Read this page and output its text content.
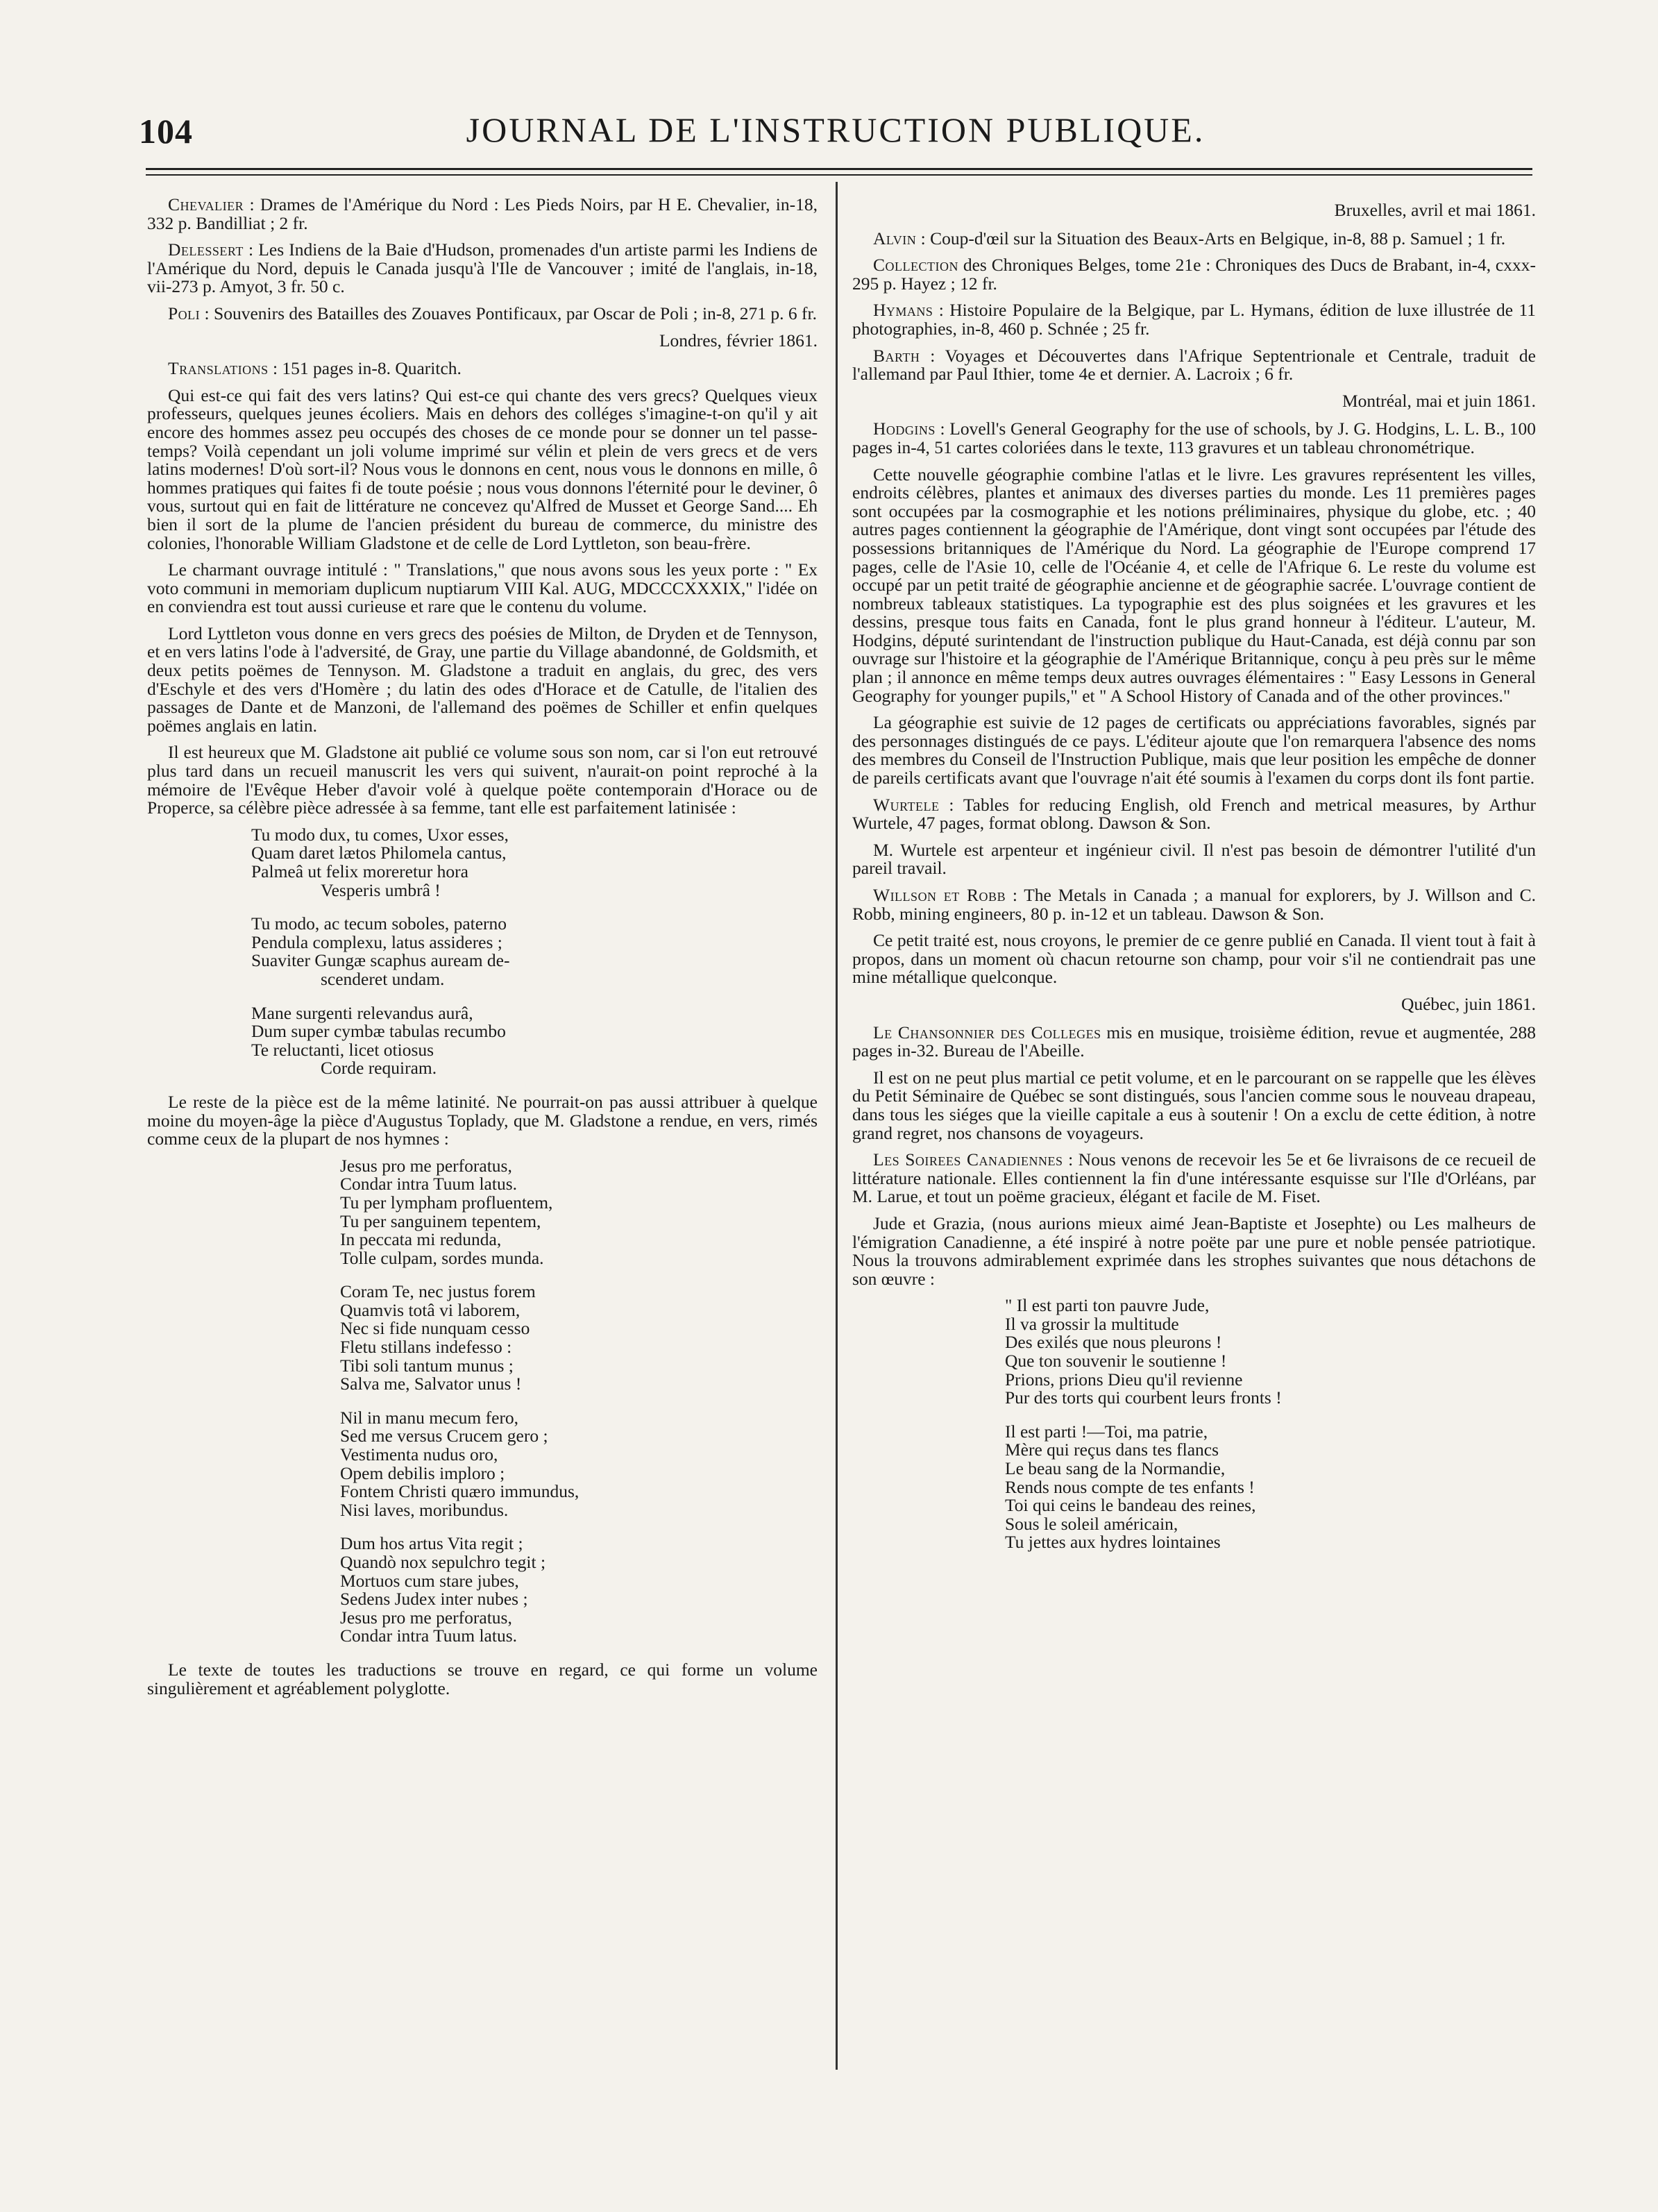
104	JOURNAL DE L'INSTRUCTION PUBLIQUE.

Chevalier : Drames de l'Amérique du Nord : Les Pieds Noirs, par H E. Chevalier, in-18, 332 p. Bandilliat ; 2 fr.

Delessert : Les Indiens de la Baie d'Hudson, promenades d'un artiste parmi les Indiens de l'Amérique du Nord, depuis le Canada jusqu'à l'Ile de Vancouver ; imité de l'anglais, in-18, vii-273 p. Amyot, 3 fr. 50 c.

Poli : Souvenirs des Batailles des Zouaves Pontificaux, par Oscar de Poli ; in-8, 271 p. 6 fr.

Londres, février 1861.

Translations : 151 pages in-8. Quaritch.

Qui est-ce qui fait des vers latins? Qui est-ce qui chante des vers grecs? Quelques vieux professeurs, quelques jeunes écoliers. Mais en dehors des colléges s'imagine-t-on qu'il y ait encore des hommes assez peu occupés des choses de ce monde pour se donner un tel passe-temps? Voilà cependant un joli volume imprimé sur vélin et plein de vers grecs et de vers latins modernes! D'où sort-il? Nous vous le donnons en cent, nous vous le donnons en mille, ô hommes pratiques qui faites fi de toute poésie ; nous vous donnons l'éternité pour le deviner, ô vous, surtout qui en fait de littérature ne concevez qu'Alfred de Musset et George Sand.... Eh bien il sort de la plume de l'ancien président du bureau de commerce, du ministre des colonies, l'honorable William Gladstone et de celle de Lord Lyttleton, son beau-frère.

Le charmant ouvrage intitulé : " Translations," que nous avons sous les yeux porte : " Ex voto communi in memoriam duplicum nuptiarum VIII Kal. AUG, MDCCCXXXIX," l'idée on en conviendra est tout aussi curieuse et rare que le contenu du volume.

Lord Lyttleton vous donne en vers grecs des poésies de Milton, de Dryden et de Tennyson, et en vers latins l'ode à l'adversité, de Gray, une partie du Village abandonné, de Goldsmith, et deux petits poëmes de Tennyson. M. Gladstone a traduit en anglais, du grec, des vers d'Eschyle et des vers d'Homère ; du latin des odes d'Horace et de Catulle, de l'italien des passages de Dante et de Manzoni, de l'allemand des poëmes de Schiller et enfin quelques poëmes anglais en latin.

Il est heureux que M. Gladstone ait publié ce volume sous son nom, car si l'on eut retrouvé plus tard dans un recueil manuscrit les vers qui suivent, n'aurait-on point reproché à la mémoire de l'Evêque Heber d'avoir volé à quelque poëte contemporain d'Horace ou de Properce, sa célèbre pièce adressée à sa femme, tant elle est parfaitement latinisée :

Tu modo dux, tu comes, Uxor esses,
Quam daret lætos Philomela cantus,
Palmeâ ut felix moreretur hora
Vesperis umbrâ !
Tu modo, ac tecum soboles, paterno
Pendula complexu, latus assideres ;
Suaviter Gungæ scaphus auream de-
scenderet undam.
Mane surgenti relevandus aurâ,
Dum super cymbæ tabulas recumbo
Te reluctanti, licet otiosus
Corde requiram.

Le reste de la pièce est de la même latinité. Ne pourrait-on pas aussi attribuer à quelque moine du moyen-âge la pièce d'Augustus Toplady, que M. Gladstone a rendue, en vers, rimés comme ceux de la plupart de nos hymnes :

Jesus pro me perforatus,
Condar intra Tuum latus.
Tu per lympham profluentem,
Tu per sanguinem tepentem,
In peccata mi redunda,
Tolle culpam, sordes munda.
Coram Te, nec justus forem
Quamvis totâ vi laborem,
Nec si fide nunquam cesso
Fletu stillans indefesso :
Tibi soli tantum munus ;
Salva me, Salvator unus !
Nil in manu mecum fero,
Sed me versus Crucem gero ;
Vestimenta nudus oro,
Opem debilis imploro ;
Fontem Christi quæro immundus,
Nisi laves, moribundus.
Dum hos artus Vita regit ;
Quandò nox sepulchro tegit ;
Mortuos cum stare jubes,
Sedens Judex inter nubes ;
Jesus pro me perforatus,
Condar intra Tuum latus.

Le texte de toutes les traductions se trouve en regard, ce qui forme un volume singulièrement et agréablement polyglotte.

Bruxelles, avril et mai 1861.

Alvin : Coup-d'œil sur la Situation des Beaux-Arts en Belgique, in-8, 88 p. Samuel ; 1 fr.

Collection des Chroniques Belges, tome 21e : Chroniques des Ducs de Brabant, in-4, cxxx-295 p. Hayez ; 12 fr.

Hymans : Histoire Populaire de la Belgique, par L. Hymans, édition de luxe illustrée de 11 photographies, in-8, 460 p. Schnée ; 25 fr.

Barth : Voyages et Découvertes dans l'Afrique Septentrionale et Centrale, traduit de l'allemand par Paul Ithier, tome 4e et dernier. A. Lacroix ; 6 fr.

Montréal, mai et juin 1861.

Hodgins : Lovell's General Geography for the use of schools, by J. G. Hodgins, L. L. B., 100 pages in-4, 51 cartes coloriées dans le texte, 113 gravures et un tableau chronométrique.

Cette nouvelle géographie combine l'atlas et le livre. Les gravures représentent les villes, endroits célèbres, plantes et animaux des diverses parties du monde. Les 11 premières pages sont occupées par la cosmographie et les notions préliminaires, physique du globe, etc. ; 40 autres pages contiennent la géographie de l'Amérique, dont vingt sont occupées par l'étude des possessions britanniques de l'Amérique du Nord. La géographie de l'Europe comprend 17 pages, celle de l'Asie 10, celle de l'Océanie 4, et celle de l'Afrique 6. Le reste du volume est occupé par un petit traité de géographie ancienne et de géographie sacrée. L'ouvrage contient de nombreux tableaux statistiques. La typographie est des plus soignées et les gravures et les dessins, presque tous faits en Canada, font le plus grand honneur à l'éditeur. L'auteur, M. Hodgins, député surintendant de l'instruction publique du Haut-Canada, est déjà connu par son ouvrage sur l'histoire et la géographie de l'Amérique Britannique, conçu à peu près sur le même plan ; il annonce en même temps deux autres ouvrages élémentaires : " Easy Lessons in General Geography for younger pupils," et " A School History of Canada and of the other provinces."

La géographie est suivie de 12 pages de certificats ou appréciations favorables, signés par des personnages distingués de ce pays. L'éditeur ajoute que l'on remarquera l'absence des noms des membres du Conseil de l'Instruction Publique, mais que leur position les empêche de donner de pareils certificats avant que l'ouvrage n'ait été soumis à l'examen du corps dont ils font partie.

Wurtele : Tables for reducing English, old French and metrical measures, by Arthur Wurtele, 47 pages, format oblong. Dawson & Son.

M. Wurtele est arpenteur et ingénieur civil. Il n'est pas besoin de démontrer l'utilité d'un pareil travail.

Willson et Robb : The Metals in Canada ; a manual for explorers, by J. Willson and C. Robb, mining engineers, 80 p. in-12 et un tableau. Dawson & Son.

Ce petit traité est, nous croyons, le premier de ce genre publié en Canada. Il vient tout à fait à propos, dans un moment où chacun retourne son champ, pour voir s'il ne contiendrait pas une mine métallique quelconque.

Québec, juin 1861.

Le Chansonnier des Colleges mis en musique, troisième édition, revue et augmentée, 288 pages in-32. Bureau de l'Abeille.

Il est on ne peut plus martial ce petit volume, et en le parcourant on se rappelle que les élèves du Petit Séminaire de Québec se sont distingués, sous l'ancien comme sous le nouveau drapeau, dans tous les siéges que la vieille capitale a eus à soutenir ! On a exclu de cette édition, à notre grand regret, nos chansons de voyageurs.

Les Soirees Canadiennes : Nous venons de recevoir les 5e et 6e livraisons de ce recueil de littérature nationale. Elles contiennent la fin d'une intéressante esquisse sur l'Ile d'Orléans, par M. Larue, et tout un poëme gracieux, élégant et facile de M. Fiset.

Jude et Grazia, (nous aurions mieux aimé Jean-Baptiste et Josephte) ou Les malheurs de l'émigration Canadienne, a été inspiré à notre poëte par une pure et noble pensée patriotique. Nous la trouvons admirablement exprimée dans les strophes suivantes que nous détachons de son œuvre :

" Il est parti ton pauvre Jude,
Il va grossir la multitude
Des exilés que nous pleurons !
Que ton souvenir le soutienne !
Prions, prions Dieu qu'il revienne
Pur des torts qui courbent leurs fronts !
Il est parti !—Toi, ma patrie,
Mère qui reçus dans tes flancs
Le beau sang de la Normandie,
Rends nous compte de tes enfants !
Toi qui ceins le bandeau des reines,
Sous le soleil américain,
Tu jettes aux hydres lointaines
